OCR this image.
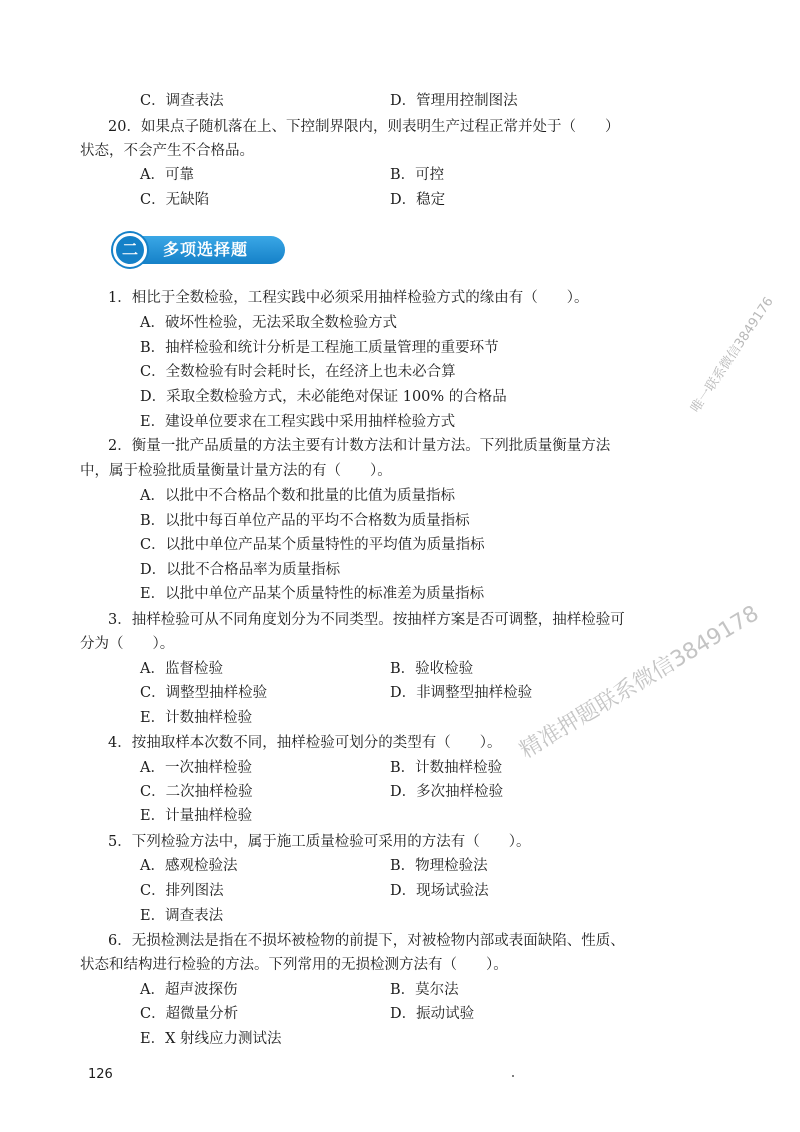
C．调查表法	D．管理用控制图法
20．如果点子随机落在上、下控制界限内，则表明生产过程正常并处于（　　）
状态，不会产生不合格品。
A．可靠	B．可控
C．无缺陷	D．稳定
二	多项选择题
1．相比于全数检验，工程实践中必须采用抽样检验方式的缘由有（　　）。
A．破坏性检验，无法采取全数检验方式
B．抽样检验和统计分析是工程施工质量管理的重要环节
C．全数检验有时会耗时长，在经济上也未必合算
D．采取全数检验方式，未必能绝对保证 100% 的合格品
E．建设单位要求在工程实践中采用抽样检验方式
2．衡量一批产品质量的方法主要有计数方法和计量方法。下列批质量衡量方法
中，属于检验批质量衡量计量方法的有（　　）。
A．以批中不合格品个数和批量的比值为质量指标
B．以批中每百单位产品的平均不合格数为质量指标
C．以批中单位产品某个质量特性的平均值为质量指标
D．以批不合格品率为质量指标
E．以批中单位产品某个质量特性的标准差为质量指标
3．抽样检验可从不同角度划分为不同类型。按抽样方案是否可调整，抽样检验可
分为（　　）。
A．监督检验	B．验收检验
C．调整型抽样检验	D．非调整型抽样检验
E．计数抽样检验
4．按抽取样本次数不同，抽样检验可划分的类型有（　　）。
A．一次抽样检验	B．计数抽样检验
C．二次抽样检验	D．多次抽样检验
E．计量抽样检验
5．下列检验方法中，属于施工质量检验可采用的方法有（　　）。
A．感观检验法	B．物理检验法
C．排列图法	D．现场试验法
E．调查表法
6．无损检测法是指在不损坏被检物的前提下，对被检物内部或表面缺陷、性质、
状态和结构进行检验的方法。下列常用的无损检测方法有（　　）。
A．超声波探伤	B．莫尔法
C．超微量分析	D．振动试验
E．X 射线应力测试法
唯一联系微信3849176
精准押题联系微信3849178
126
